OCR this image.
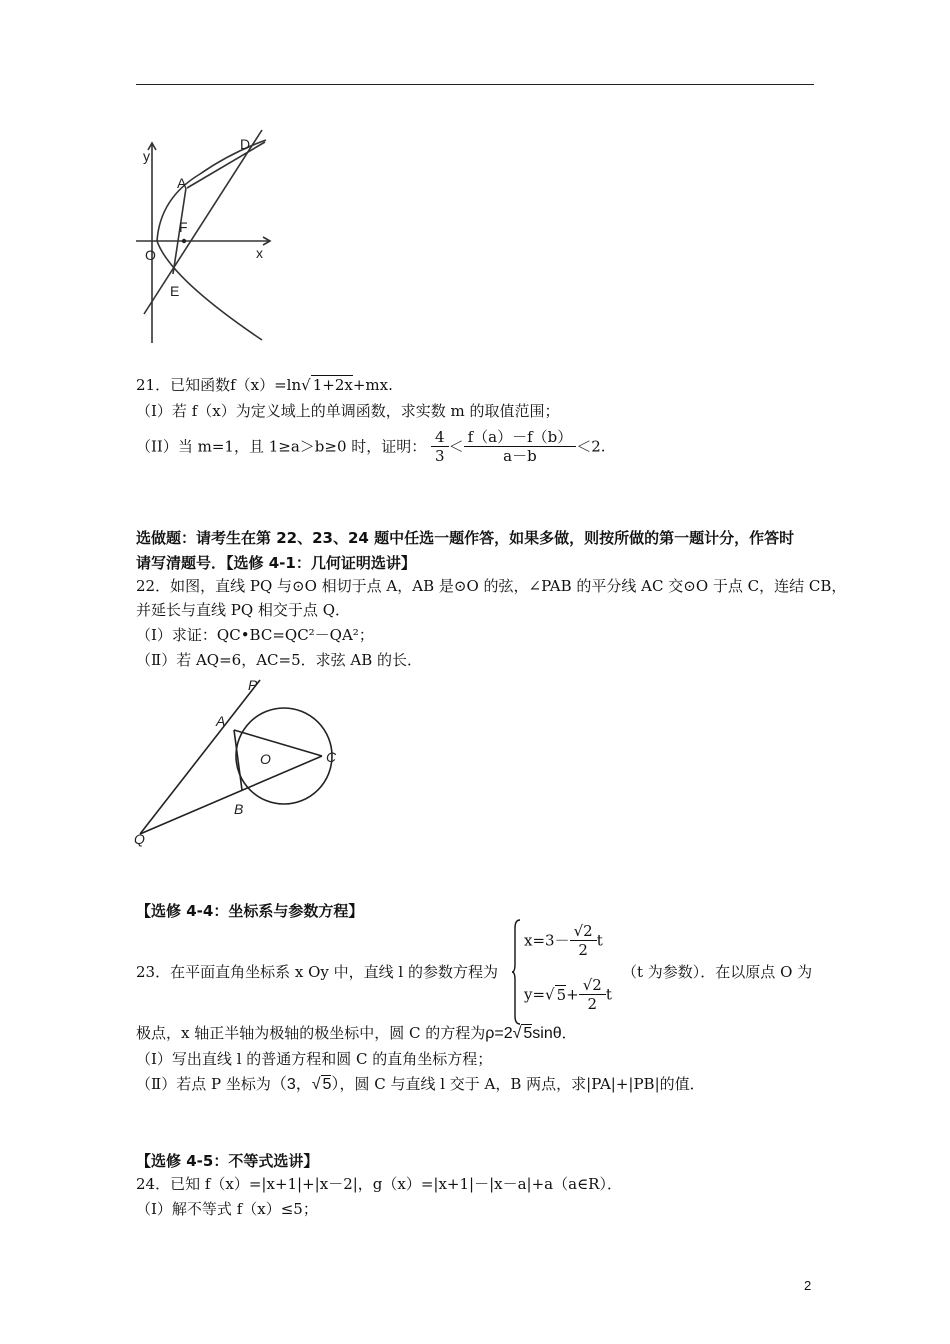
y
x
O
A
D
F
E
21．已知函数f（x）=ln√ 1+2x+mx.
（I）若 f（x）为定义域上的单调函数，求实数 m 的取值范围；
（II）当 m=1，且 1≥a＞b≥0 时，证明： $\frac{4}{3} < \frac{f(a)-f(b)}{a-b} <2$.
选做题：请考生在第 22、23、24 题中任选一题作答，如果多做，则按所做的第一题计分，作答时
请写清题号．【选修 4-1：几何证明选讲】
22．如图，直线 PQ 与⊙O 相切于点 A，AB 是⊙O 的弦，∠PAB 的平分线 AC 交⊙O 于点 C，连结 CB，
并延长与直线 PQ 相交于点 Q．
（Ⅰ）求证：QC•BC=QC²－QA²；
（Ⅱ）若 AQ=6，AC=5．求弦 AB 的长．
P
A
O	C
B
Q
【选修 4-4：坐标系与参数方程】
23．在平面直角坐标系 x Oy 中，直线 l 的参数方程为
$x=3- \frac{√2}{2}$ t
y=√ $5+ \frac{√2}{2}$ t
（t 为参数）．在以原点 O 为
极点，x 轴正半轴为极轴的极坐标中，圆 C 的方程为ρ=2√ 5sinθ．
（Ⅰ）写出直线 l 的普通方程和圆 C 的直角坐标方程；
（Ⅱ）若点 P 坐标为（3，√ 5），圆 C 与直线 l 交于 A，B 两点，求|PA|+|PB|的值．
【选修 4-5：不等式选讲】
24．已知 f（x）=|x+1|+|x－2|，g（x）=|x+1|－|x－a|+a（a∈R）．
（Ⅰ）解不等式 f（x）≤5；
2
